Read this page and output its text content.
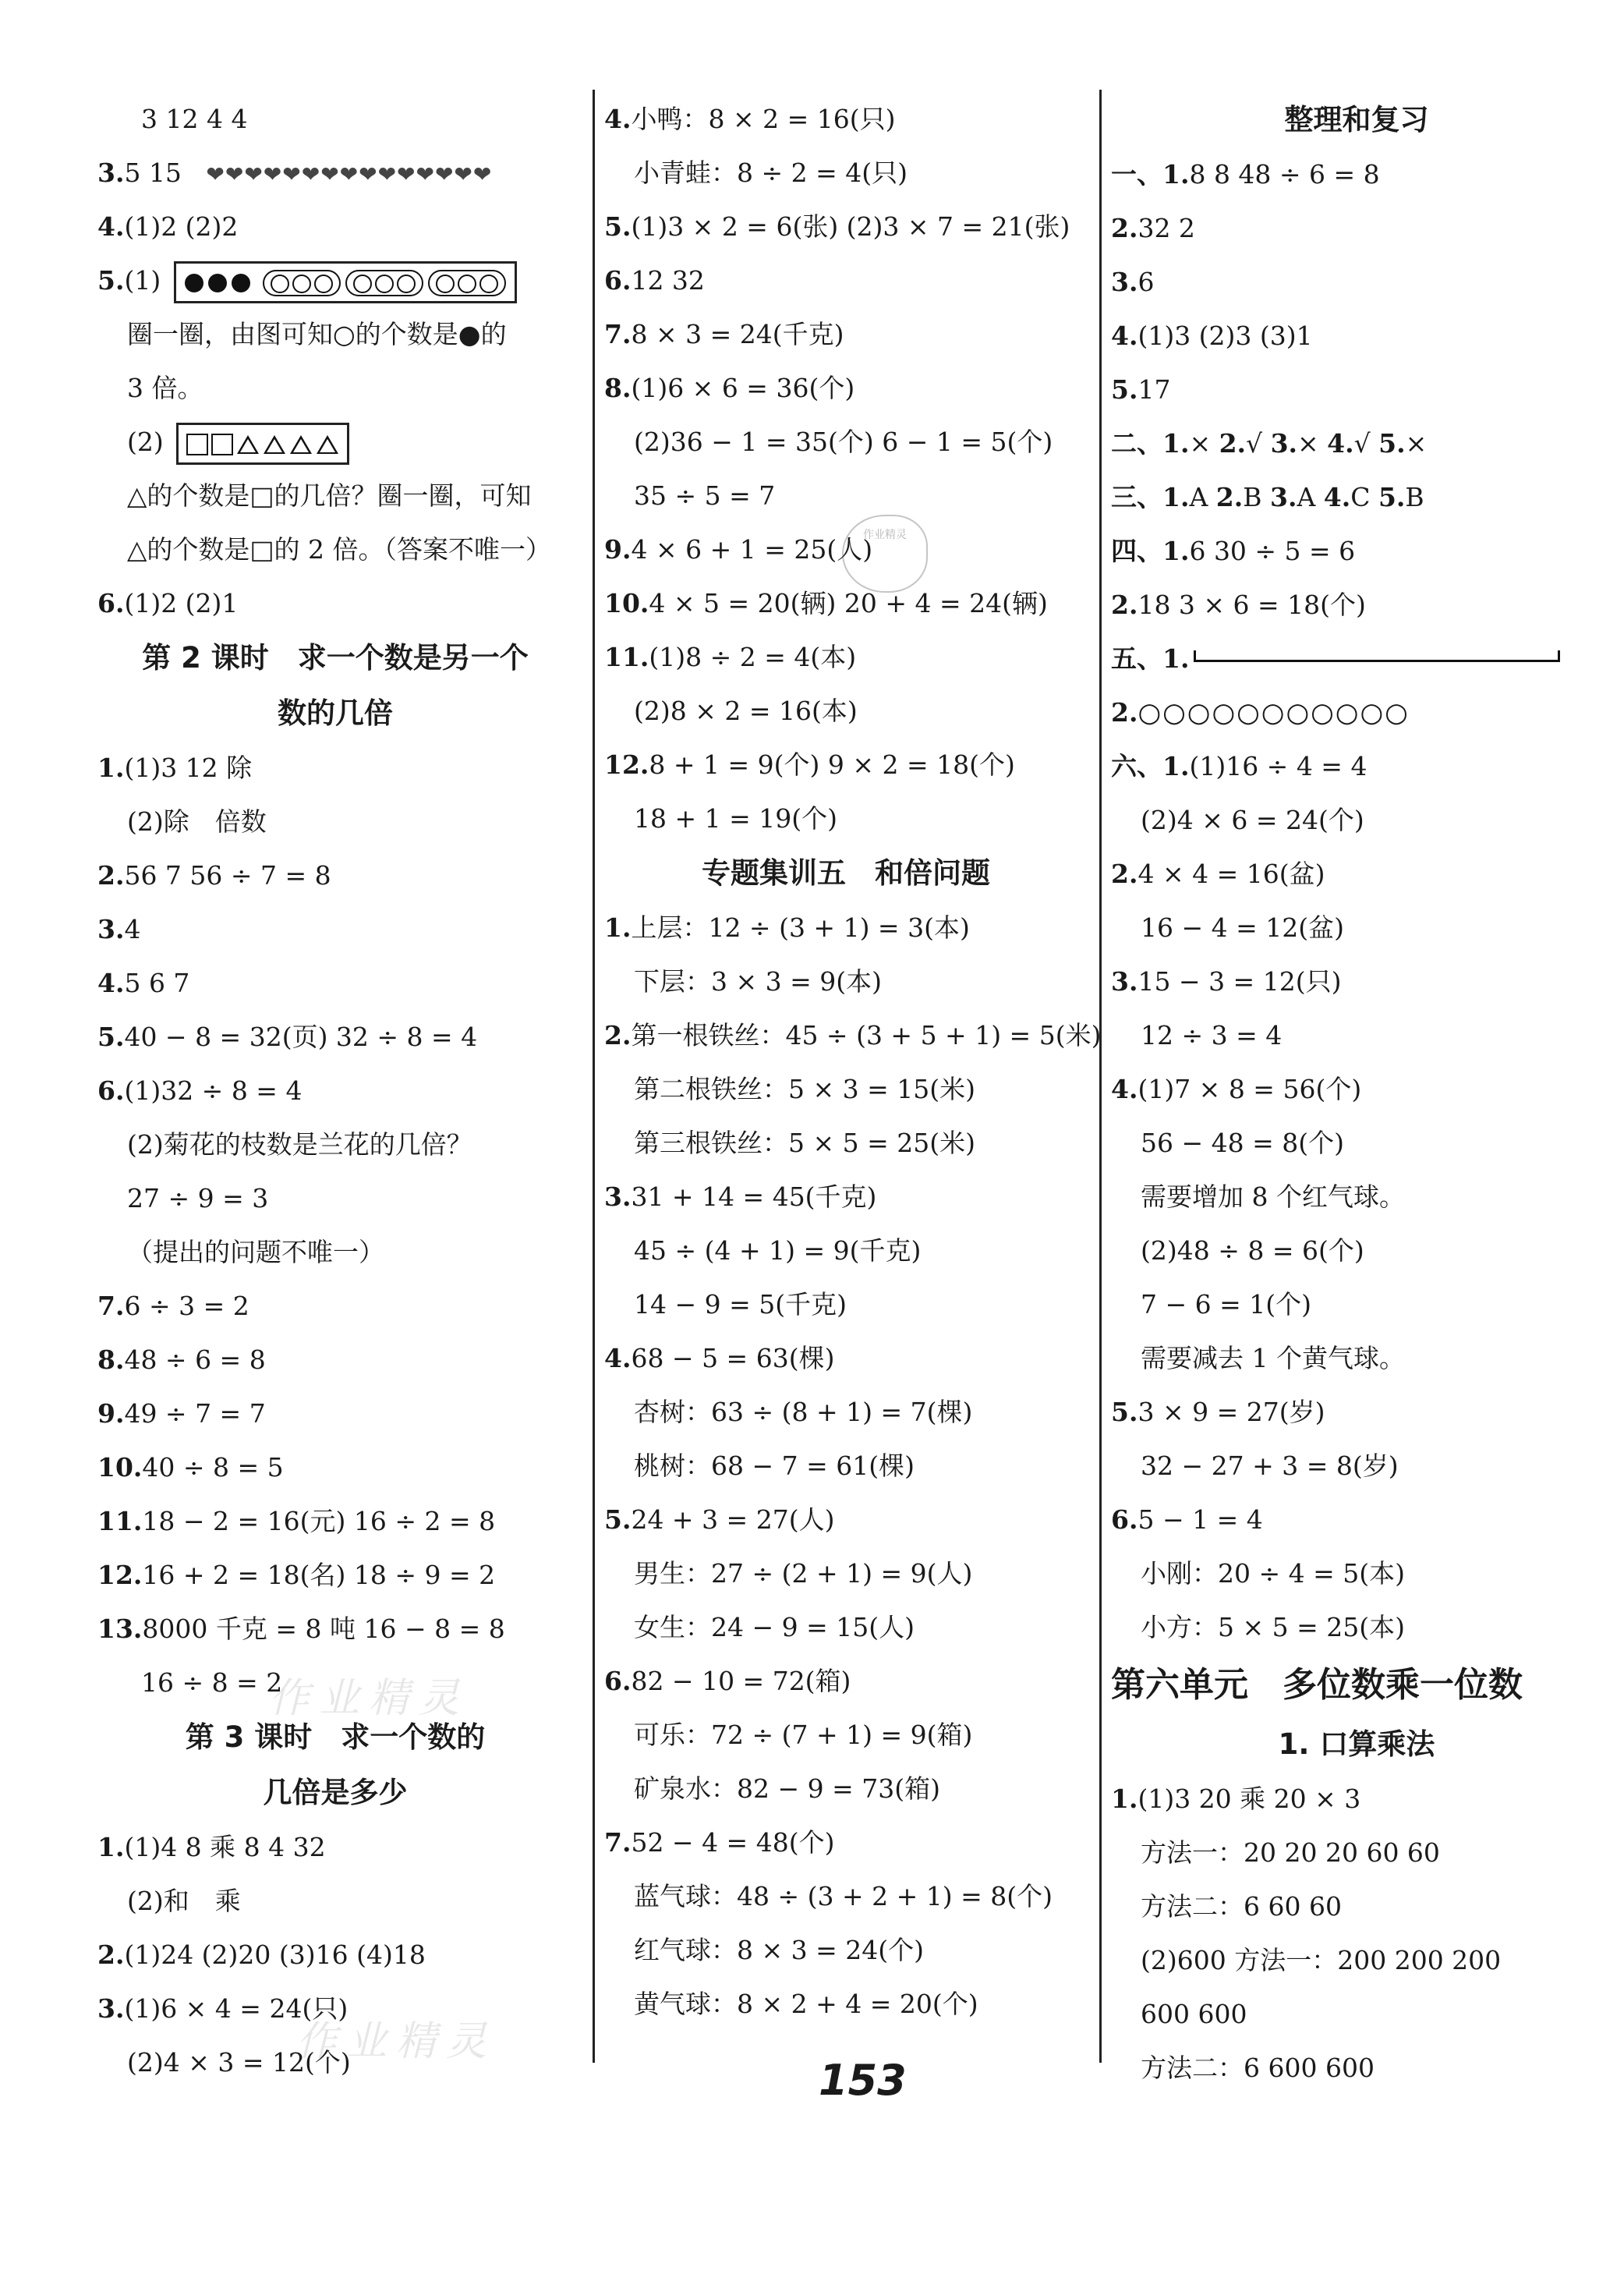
3 12 4 4
3.5 15 ❤❤❤❤❤❤❤❤❤❤❤❤❤❤❤
4.(1)2 (2)2
5.(1)
圈一圈，由图可知○的个数是●的
3 倍。
(2)
△的个数是□的几倍？圈一圈，可知
△的个数是□的 2 倍。（答案不唯一）
6.(1)2 (2)1
第 2 课时　求一个数是另一个
数的几倍
1.(1)3 12 除
(2)除　倍数
2.56 7 56 ÷ 7 = 8
3.4
4.5 6 7
5.40 − 8 = 32(页) 32 ÷ 8 = 4
6.(1)32 ÷ 8 = 4
(2)菊花的枝数是兰花的几倍？
27 ÷ 9 = 3
（提出的问题不唯一）
7.6 ÷ 3 = 2
8.48 ÷ 6 = 8
9.49 ÷ 7 = 7
10.40 ÷ 8 = 5
11.18 − 2 = 16(元) 16 ÷ 2 = 8
12.16 + 2 = 18(名) 18 ÷ 9 = 2
13.8000 千克 = 8 吨 16 − 8 = 8
16 ÷ 8 = 2
第 3 课时　求一个数的
几倍是多少
1.(1)4 8 乘 8 4 32
(2)和　乘
2.(1)24 (2)20 (3)16 (4)18
3.(1)6 × 4 = 24(只)
(2)4 × 3 = 12(个)
4.小鸭：8 × 2 = 16(只)
小青蛙：8 ÷ 2 = 4(只)
5.(1)3 × 2 = 6(张) (2)3 × 7 = 21(张)
6.12 32
7.8 × 3 = 24(千克)
8.(1)6 × 6 = 36(个)
(2)36 − 1 = 35(个) 6 − 1 = 5(个)
35 ÷ 5 = 7
9.4 × 6 + 1 = 25(人)
10.4 × 5 = 20(辆) 20 + 4 = 24(辆)
11.(1)8 ÷ 2 = 4(本)
(2)8 × 2 = 16(本)
12.8 + 1 = 9(个) 9 × 2 = 18(个)
18 + 1 = 19(个)
专题集训五　和倍问题
1.上层：12 ÷ (3 + 1) = 3(本)
下层：3 × 3 = 9(本)
2.第一根铁丝：45 ÷ (3 + 5 + 1) = 5(米)
第二根铁丝：5 × 3 = 15(米)
第三根铁丝：5 × 5 = 25(米)
3.31 + 14 = 45(千克)
45 ÷ (4 + 1) = 9(千克)
14 − 9 = 5(千克)
4.68 − 5 = 63(棵)
杏树：63 ÷ (8 + 1) = 7(棵)
桃树：68 − 7 = 61(棵)
5.24 + 3 = 27(人)
男生：27 ÷ (2 + 1) = 9(人)
女生：24 − 9 = 15(人)
6.82 − 10 = 72(箱)
可乐：72 ÷ (7 + 1) = 9(箱)
矿泉水：82 − 9 = 73(箱)
7.52 − 4 = 48(个)
蓝气球：48 ÷ (3 + 2 + 1) = 8(个)
红气球：8 × 3 = 24(个)
黄气球：8 × 2 + 4 = 20(个)
整理和复习
一、1.8 8 48 ÷ 6 = 8
2.32 2
3.6
4.(1)3 (2)3 (3)1
5.17
二、1.× 2.√ 3.× 4.√ 5.×
三、1.A 2.B 3.A 4.C 5.B
四、1.6 30 ÷ 5 = 6
2.18 3 × 6 = 18(个)
五、1.
2.○○○○○○○○○○○
六、1.(1)16 ÷ 4 = 4
(2)4 × 6 = 24(个)
2.4 × 4 = 16(盆)
16 − 4 = 12(盆)
3.15 − 3 = 12(只)
12 ÷ 3 = 4
4.(1)7 × 8 = 56(个)
56 − 48 = 8(个)
需要增加 8 个红气球。
(2)48 ÷ 8 = 6(个)
7 − 6 = 1(个)
需要减去 1 个黄气球。
5.3 × 9 = 27(岁)
32 − 27 + 3 = 8(岁)
6.5 − 1 = 4
小刚：20 ÷ 4 = 5(本)
小方：5 × 5 = 25(本)
第六单元　多位数乘一位数
1. 口算乘法
1.(1)3 20 乘 20 × 3
方法一：20 20 20 60 60
方法二：6 60 60
(2)600 方法一：200 200 200
600 600
方法二：6 600 600
作业精灵
作业精灵
作业精灵
153
